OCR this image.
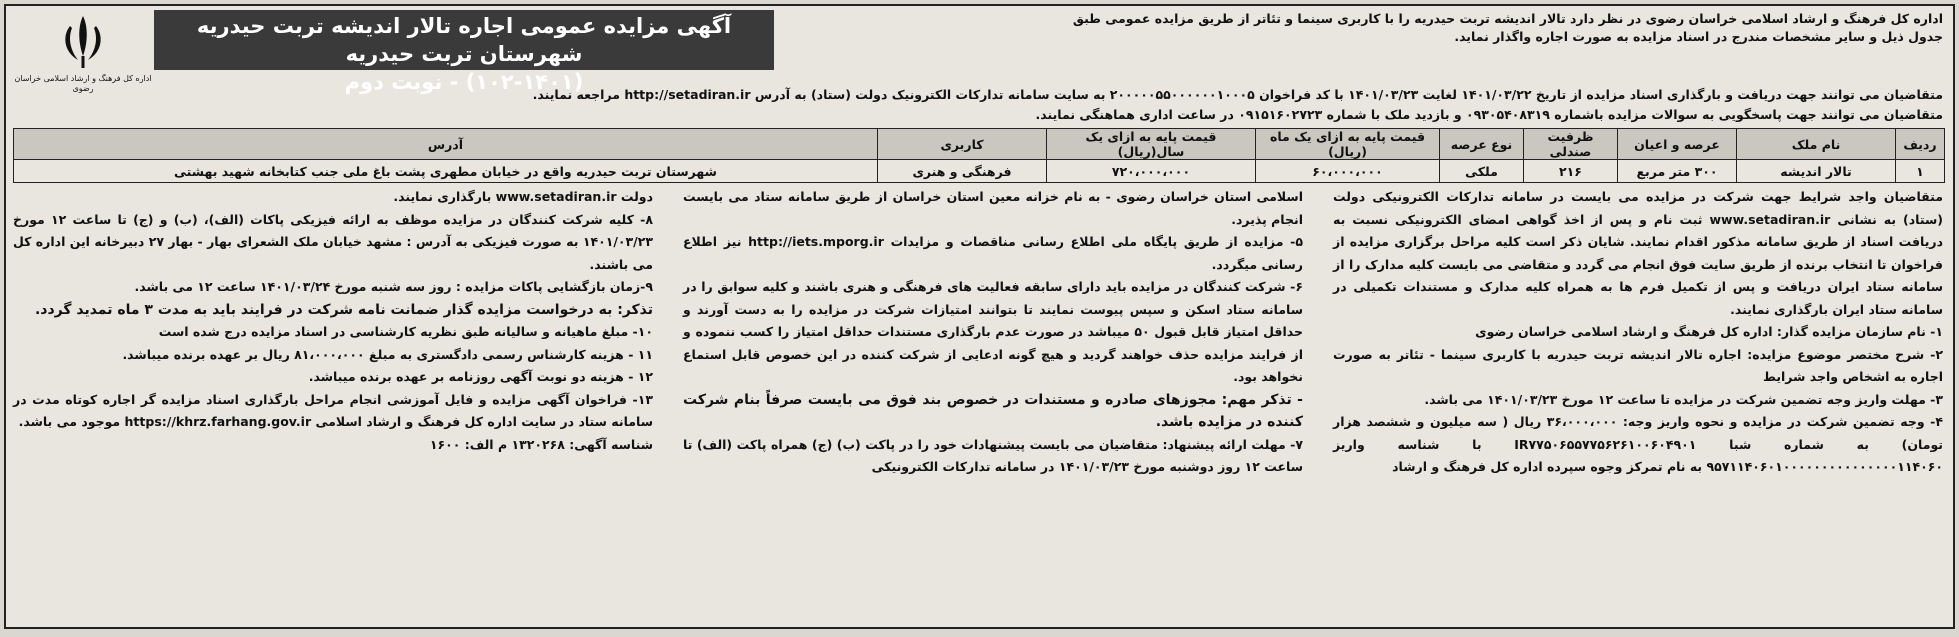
اداره کل فرهنگ و ارشاد اسلامی خراسان رضوی در نظر دارد تالار اندیشه تربت حیدریه را با کاربری سینما و تئاتر از طریق مزایده عمومی طبق

جدول ذیل و سایر مشخصات مندرج در اسناد مزایده به صورت اجاره واگذار نماید.

آگهی مزایده عمومی اجاره تالار اندیشه تربت حیدریه شهرستان تربت حیدریه
(۱۰۲-۱۴۰۱) - نوبت دوم
اداره کل فرهنگ و ارشاد اسلامی خراسان رضوی	متقاضیان می توانند جهت دریافت و بارگذاری اسناد مزایده از تاریخ ۱۴۰۱/۰۳/۲۲ لغایت ۱۴۰۱/۰۳/۲۳ با کد فراخوان ۲۰۰۰۰۰۵۵۰۰۰۰۰۰۱۰۰۰۵ به سایت سامانه تدارکات الکترونیک دولت (ستاد) به آدرس http://setadiran.ir مراجعه نمایند.
متقاضیان می توانند جهت پاسخگویی به سوالات مزایده باشماره ۰۹۳۰۵۴۰۸۳۱۹ و بازدید ملک با شماره ۰۹۱۵۱۶۰۲۷۲۳ در ساعت اداری هماهنگی نمایند.
ردیف	نام ملک	عرصه و اعیان	ظرفیت صندلی	نوع عرصه	قیمت پایه به ازای یک ماه (ریال)	قیمت پایه به ازای یک سال(ریال)	کاربری	آدرس
۱	تالار اندیشه	۳۰۰ متر مربع	۲۱۶	ملکی	۶۰،۰۰۰،۰۰۰	۷۲۰،۰۰۰،۰۰۰	فرهنگی و هنری	شهرستان تربت حیدریه واقع در خیابان مطهری پشت باغ ملی جنب کتابخانه شهید بهشتی

متقاضیان واجد شرایط جهت شرکت در مزایده می بایست در سامانه تدارکات الکترونیکی دولت (ستاد) به نشانی www.setadiran.ir ثبت نام و پس از اخذ گواهی امضای الکترونیکی نسبت به دریافت اسناد از طریق سامانه مذکور اقدام نمایند. شایان ذکر است کلیه مراحل برگزاری مزایده از فراخوان تا انتخاب برنده از طریق سایت فوق انجام می گردد و متقاضی می بایست کلیه مدارک را از سامانه ستاد ایران دریافت و پس از تکمیل فرم ها به همراه کلیه مدارک و مستندات تکمیلی در سامانه ستاد ایران بارگذاری نمایند.

۱- نام سازمان مزایده گذار: اداره کل فرهنگ و ارشاد اسلامی خراسان رضوی

۲- شرح مختصر موضوع مزایده: اجاره تالار اندیشه تربت حیدریه با کاربری سینما - تئاتر به صورت اجاره به اشخاص واجد شرایط

۳- مهلت واریز وجه تضمین شرکت در مزایده تا ساعت ۱۲ مورخ ۱۴۰۱/۰۳/۲۳ می باشد.

۴- وجه تضمین شرکت در مزایده و نحوه واریز وجه: ۳۶،۰۰۰،۰۰۰ ریال ( سه میلیون و ششصد هزار تومان) به شماره شبا IR۷۷۵۰۶۵۵۷۷۵۶۲۶۱۰۰۶۰۴۹۰۱ با شناسه واریز ۹۵۷۱۱۴۰۶۰۱۰۰۰۰۰۰۰۰۰۰۰۰۰۰۰۱۱۴۰۶۰ به نام تمرکز وجوه سپرده اداره کل فرهنگ و ارشاد

اسلامی استان خراسان رضوی - به نام خزانه معین استان خراسان از طریق سامانه ستاد می بایست انجام پذیرد.

۵- مزایده از طریق پایگاه ملی اطلاع رسانی مناقصات و مزایدات http://iets.mporg.ir نیز اطلاع رسانی میگردد.

۶- شرکت کنندگان در مزایده باید دارای سابقه فعالیت های فرهنگی و هنری باشند و کلیه سوابق را در سامانه ستاد اسکن و سپس پیوست نمایند تا بتوانند امتیازات شرکت در مزایده را به دست آورند و حداقل امتیاز قابل قبول ۵۰ میباشد در صورت عدم بارگذاری مستندات حداقل امتیاز را کسب ننموده و از فرایند مزایده حذف خواهند گردید و هیچ گونه ادعایی از شرکت کننده در این خصوص قابل استماع نخواهد بود.

- تذکر مهم: مجوزهای صادره و مستندات در خصوص بند فوق می بایست صرفاً بنام شرکت کننده در مزایده باشد.

۷- مهلت ارائه پیشنهاد: متقاضیان می بایست پیشنهادات خود را در پاکت (ب) (ج) همراه پاکت (الف) تا ساعت ۱۲ روز دوشنبه مورخ ۱۴۰۱/۰۳/۲۳ در سامانه تدارکات الکترونیکی

دولت www.setadiran.ir بارگذاری نمایند.

۸- کلیه شرکت کنندگان در مزایده موظف به ارائه فیزیکی پاکات (الف)، (ب) و (ج) تا ساعت ۱۲ مورخ ۱۴۰۱/۰۳/۲۳ به صورت فیزیکی به آدرس : مشهد خیابان ملک الشعرای بهار - بهار ۲۷ دبیرخانه این اداره کل می باشند.

۹-زمان بازگشایی پاکات مزایده : روز سه شنبه مورخ ۱۴۰۱/۰۳/۲۴ ساعت ۱۲ می باشد.

تذکر: به درخواست مزایده گذار ضمانت نامه شرکت در فرایند باید به مدت ۳ ماه تمدید گردد.

۱۰- مبلغ ماهیانه و سالیانه طبق نظریه کارشناسی در اسناد مزایده درج شده است

۱۱ - هزینه کارشناس رسمی دادگستری به مبلغ ۸۱،۰۰۰،۰۰۰ ریال بر عهده برنده میباشد.

۱۲ - هزینه دو نوبت آگهی روزنامه بر عهده برنده میباشد.

۱۳- فراخوان آگهی مزایده و فایل آموزشی انجام مراحل بارگذاری اسناد مزایده گر اجاره کوتاه مدت در سامانه ستاد در سایت اداره کل فرهنگ و ارشاد اسلامی https://khrz.farhang.gov.ir موجود می باشد.

شناسه آگهی: ۱۳۲۰۲۶۸ م الف: ۱۶۰۰
